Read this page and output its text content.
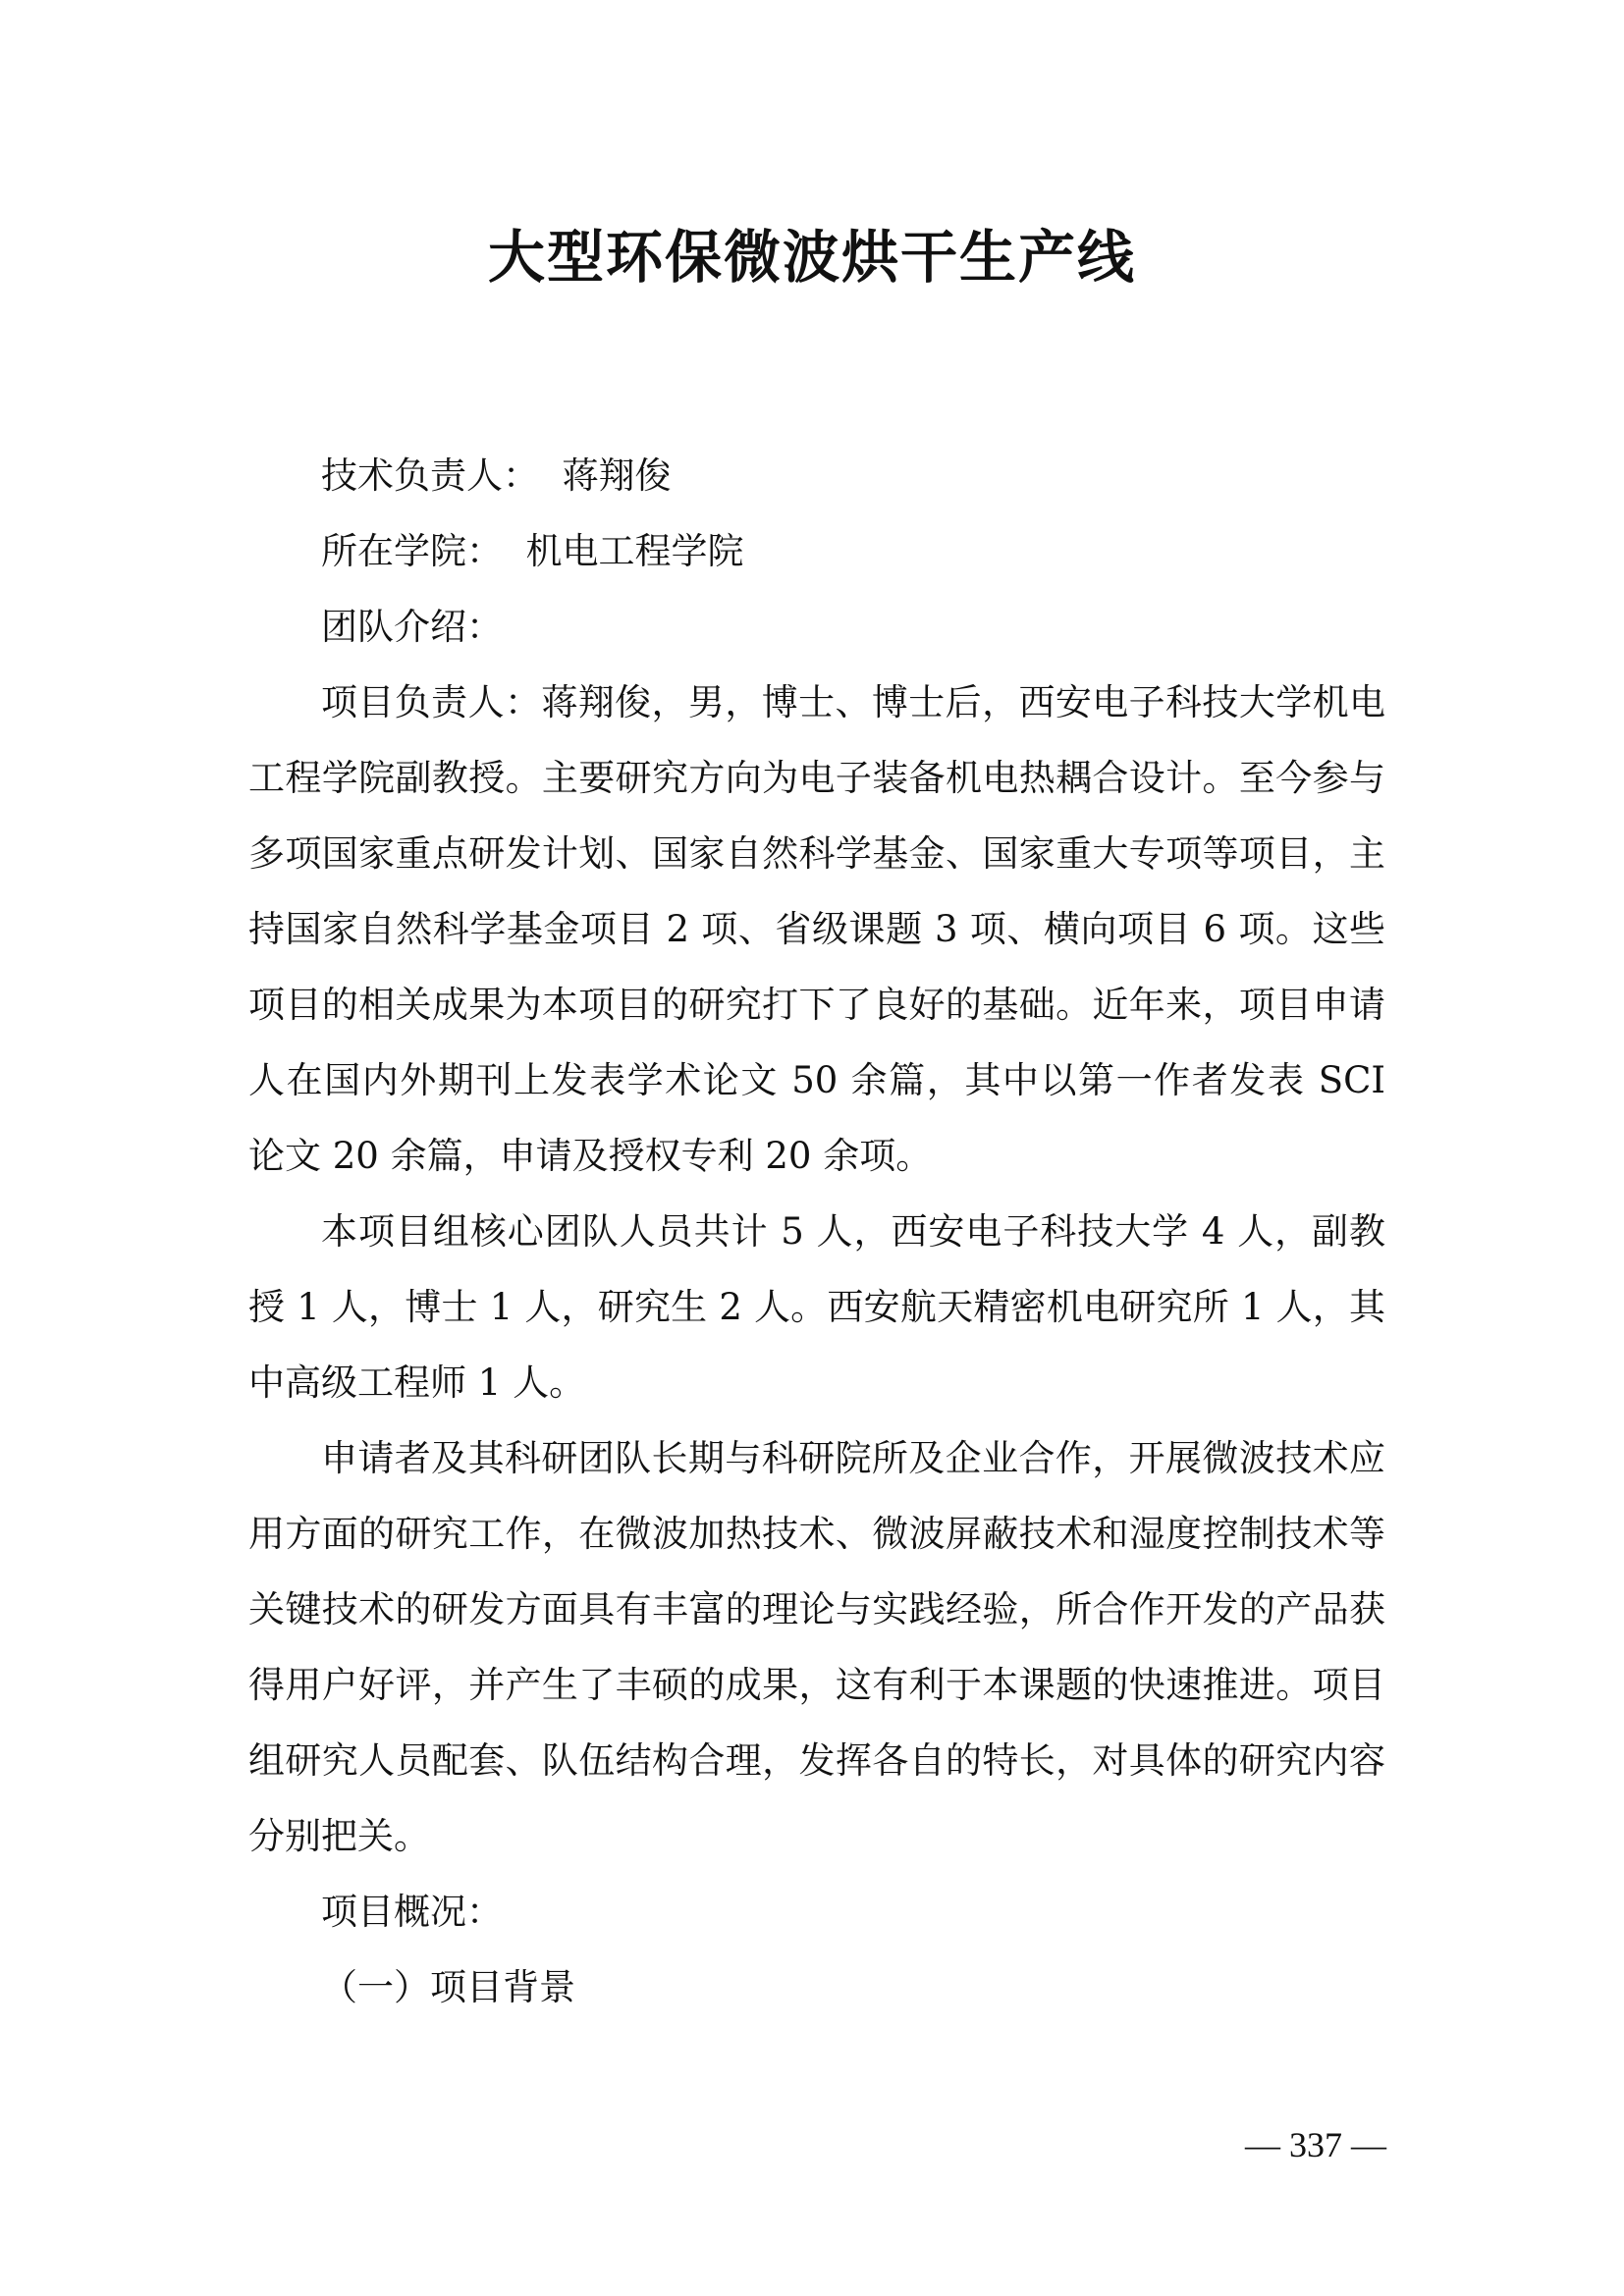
大型环保微波烘干生产线

技术负责人： 蒋翔俊

所在学院： 机电工程学院

团队介绍：

项目负责人：蒋翔俊，男，博士、博士后，西安电子科技大学机电工程学院副教授。主要研究方向为电子装备机电热耦合设计。至今参与多项国家重点研发计划、国家自然科学基金、国家重大专项等项目，主持国家自然科学基金项目 2 项、省级课题 3 项、横向项目 6 项。这些项目的相关成果为本项目的研究打下了良好的基础。近年来，项目申请人在国内外期刊上发表学术论文 50 余篇，其中以第一作者发表 SCI 论文 20 余篇，申请及授权专利 20 余项。

本项目组核心团队人员共计 5 人，西安电子科技大学 4 人，副教授 1 人，博士 1 人，研究生 2 人。西安航天精密机电研究所 1 人，其中高级工程师 1 人。

申请者及其科研团队长期与科研院所及企业合作，开展微波技术应用方面的研究工作，在微波加热技术、微波屏蔽技术和湿度控制技术等关键技术的研发方面具有丰富的理论与实践经验，所合作开发的产品获得用户好评，并产生了丰硕的成果，这有利于本课题的快速推进。项目组研究人员配套、队伍结构合理，发挥各自的特长，对具体的研究内容分别把关。

项目概况：

（一）项目背景

— 337 —
